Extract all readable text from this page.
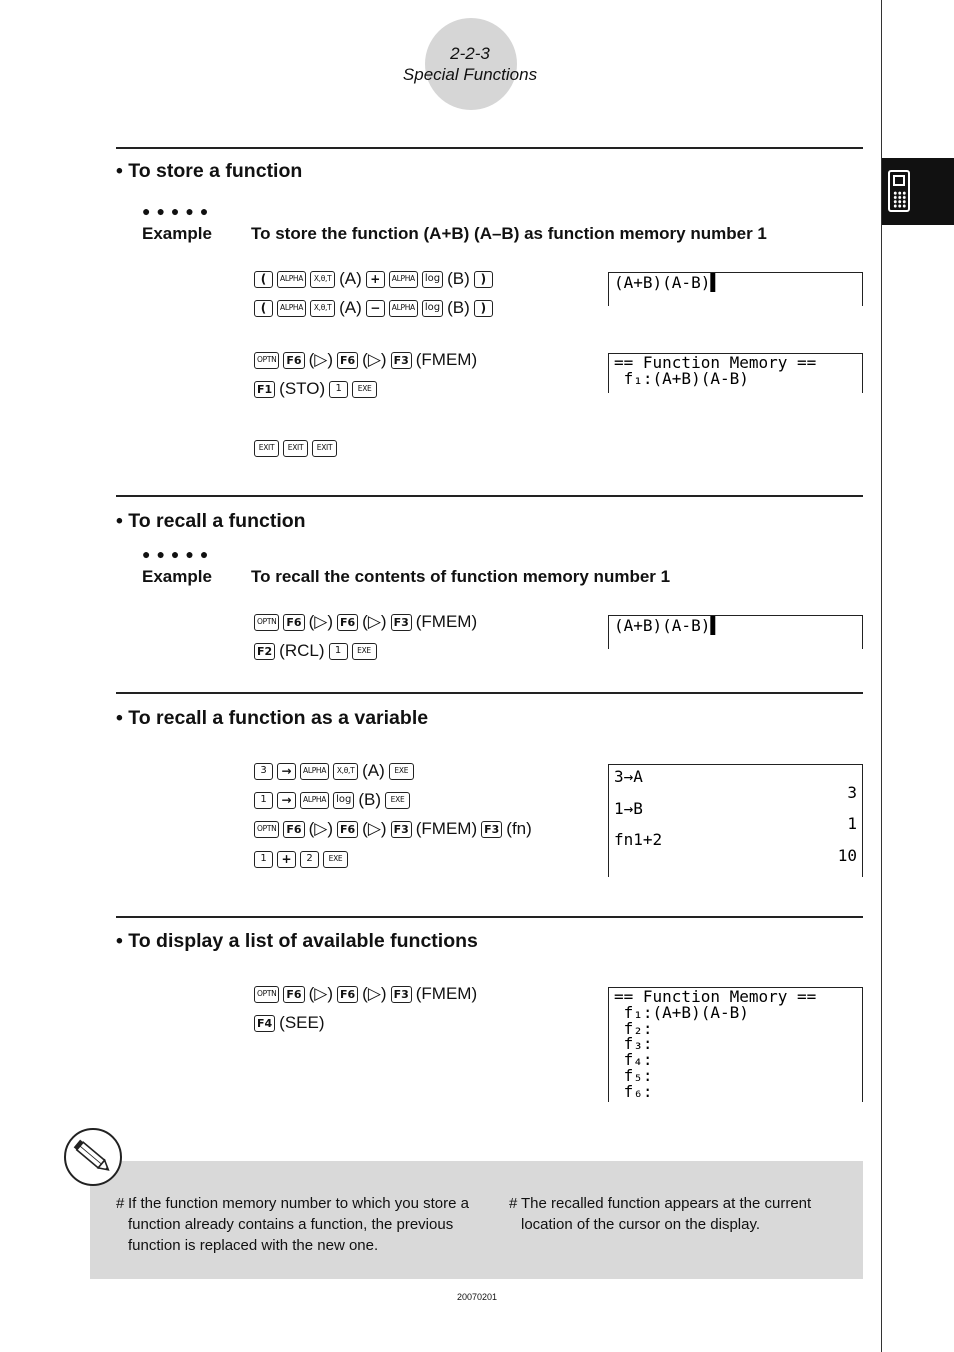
2-2-3
Special Functions
• To store a function
●●●●●
Example To store the function (A+B) (A–B) as function memory number 1
(	ALPHA	X,θ,T (A) +	ALPHA	log (B) )
(	ALPHA	X,θ,T (A) −	ALPHA	log (B) )
OPTN F6 (▷) F6 (▷) F3 (FMEM)
F1 (STO)	1	EXE
EXIT	EXIT	EXIT
(A+B)(A-B)▌
== Function Memory ==
f₁:(A+B)(A-B)
• To recall a function
●●●●●
Example To recall the contents of function memory number 1
OPTN F6 (▷) F6 (▷) F3 (FMEM)
F2 (RCL)	1	EXE
(A+B)(A-B)▌
• To recall a function as a variable
3	→	ALPHA	X,θ,T (A)	EXE
1	→	ALPHA	log (B)	EXE
OPTN F6 (▷) F6 (▷) F3 (FMEM) F3 (fn)
1	+	2	EXE
3→A
3
1→B
1
fn1+2
10
• To display a list of available functions
OPTN F6 (▷) F6 (▷) F3 (FMEM)
F4 (SEE)
== Function Memory ==
f₁:(A+B)(A-B)
f₂:
f₃:
f₄:
f₅:
f₆:
# If the function memory number to which you store a function already contains a function, the previous function is replaced with the new one.
# The recalled function appears at the current location of the cursor on the display.
20070201
